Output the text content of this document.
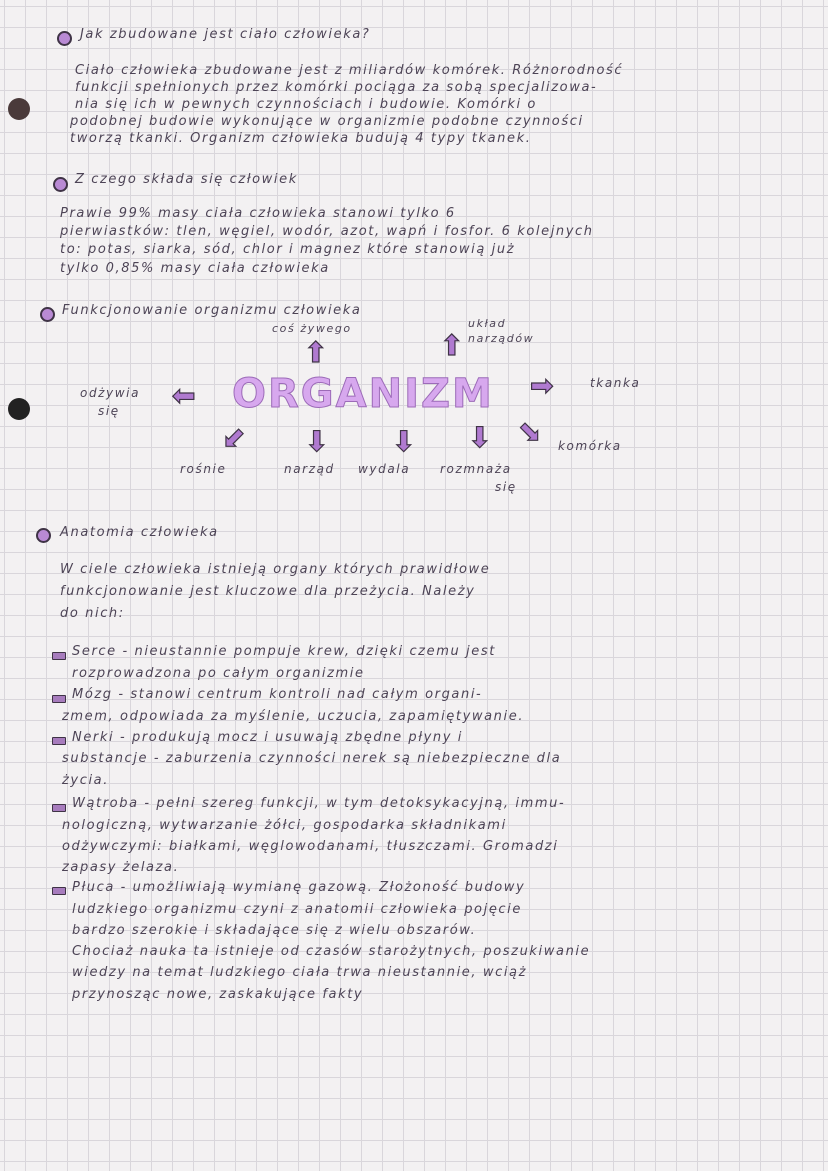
Jak zbudowane jest ciało człowieka?
Ciało człowieka zbudowane jest z miliardów komórek. Różnorodność
funkcji spełnionych przez komórki pociąga za sobą specjalizowa-
nia się ich w pewnych czynnościach i budowie. Komórki o
podobnej budowie wykonujące w organizmie podobne czynności
tworzą tkanki. Organizm człowieka budują 4 typy tkanek.
Z czego składa się człowiek
Prawie 99% masy ciała człowieka stanowi tylko 6
pierwiastków: tlen, węgiel, wodór, azot, wapń i fosfor. 6 kolejnych
to: potas, siarka, sód, chlor i magnez które stanowią już
tylko 0,85% masy ciała człowieka
Funkcjonowanie organizmu człowieka
ORGANIZM
coś żywego
⬆
układ
narządów
⬆
odżywia
się ⬅	➡	tkanka
⬋ ⬇ ⬇ ⬇ ⬊ komórka
rośnie	narząd wydala rozmnaża
się
Anatomia człowieka
W ciele człowieka istnieją organy których prawidłowe
funkcjonowanie jest kluczowe dla przeżycia. Należy
do nich:
Serce - nieustannie pompuje krew, dzięki czemu jest
rozprowadzona po całym organizmie
Mózg - stanowi centrum kontroli nad całym organi-
zmem, odpowiada za myślenie, uczucia, zapamiętywanie.
Nerki - produkują mocz i usuwają zbędne płyny i
substancje - zaburzenia czynności nerek są niebezpieczne dla
życia.
Wątroba - pełni szereg funkcji, w tym detoksykacyjną, immu-
nologiczną, wytwarzanie żółci, gospodarka składnikami
odżywczymi: białkami, węglowodanami, tłuszczami. Gromadzi
zapasy żelaza.
Płuca - umożliwiają wymianę gazową. Złożoność budowy
ludzkiego organizmu czyni z anatomii człowieka pojęcie
bardzo szerokie i składające się z wielu obszarów.
Chociaż nauka ta istnieje od czasów starożytnych, poszukiwanie
wiedzy na temat ludzkiego ciała trwa nieustannie, wciąż
przynosząc nowe, zaskakujące fakty
